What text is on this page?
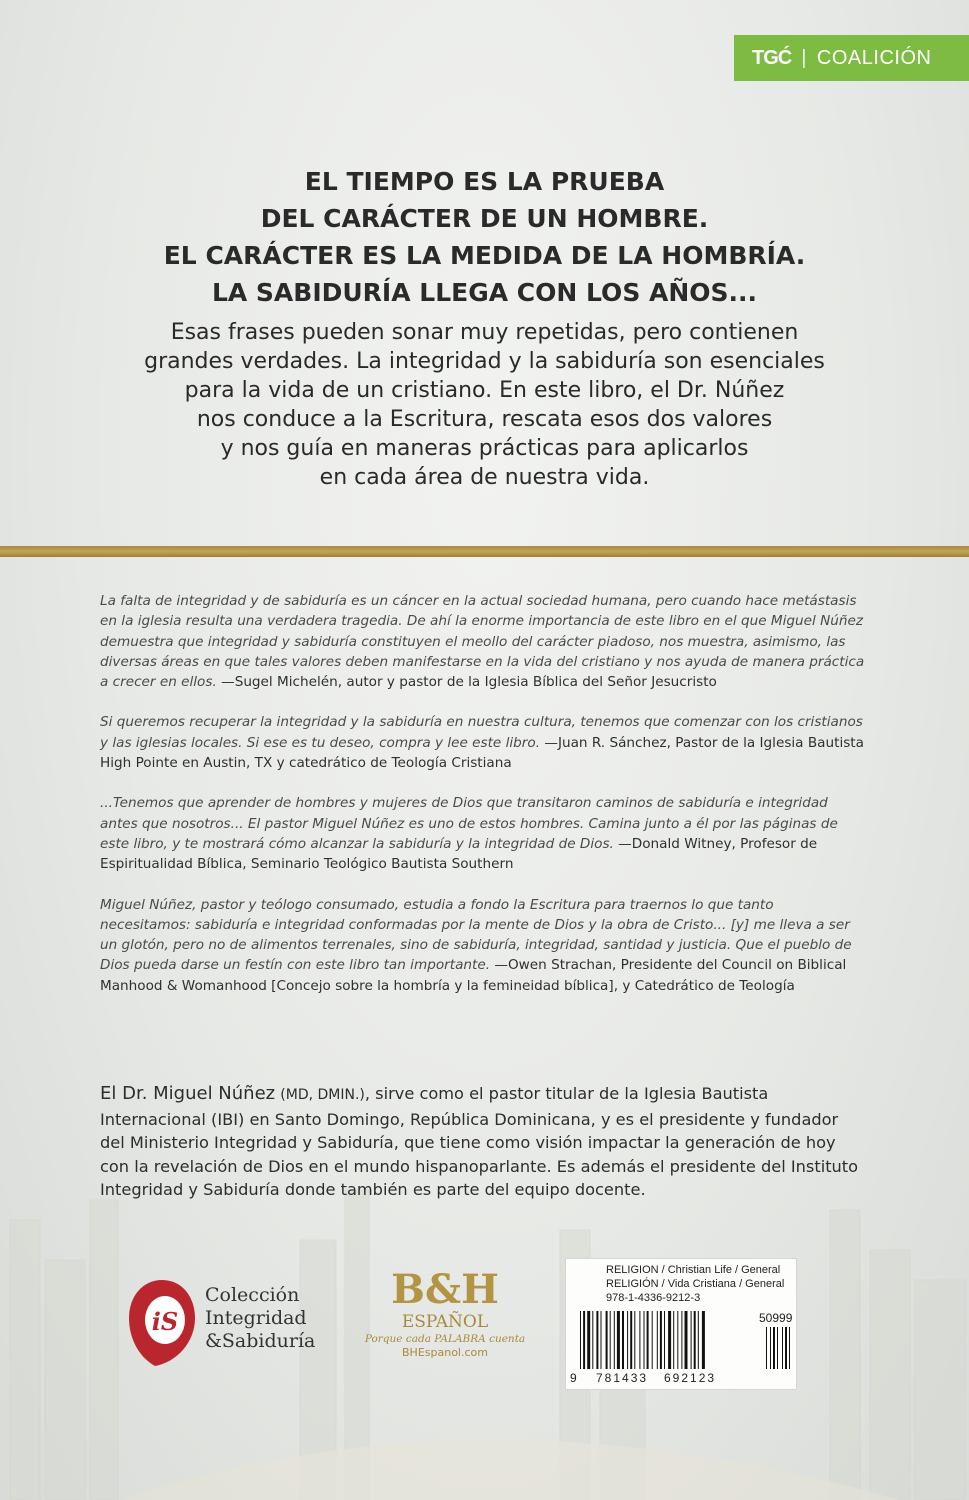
TGĆ | COALICIÓN
EL TIEMPO ES LA PRUEBA
DEL CARÁCTER DE UN HOMBRE.
EL CARÁCTER ES LA MEDIDA DE LA HOMBRÍA.
LA SABIDURÍA LLEGA CON LOS AÑOS...
Esas frases pueden sonar muy repetidas, pero contienen
grandes verdades. La integridad y la sabiduría son esenciales
para la vida de un cristiano. En este libro, el Dr. Núñez
nos conduce a la Escritura, rescata esos dos valores
y nos guía en maneras prácticas para aplicarlos
en cada área de nuestra vida.

La falta de integridad y de sabiduría es un cáncer en la actual sociedad humana, pero cuando hace metástasis en la iglesia resulta una verdadera tragedia. De ahí la enorme importancia de este libro en el que Miguel Núñez demuestra que integridad y sabiduría constituyen el meollo del carácter piadoso, nos muestra, asimismo, las diversas áreas en que tales valores deben manifestarse en la vida del cristiano y nos ayuda de manera práctica a crecer en ellos. —Sugel Michelén, autor y pastor de la Iglesia Bíblica del Señor Jesucristo

Si queremos recuperar la integridad y la sabiduría en nuestra cultura, tenemos que comenzar con los cristianos y las iglesias locales. Si ese es tu deseo, compra y lee este libro. —Juan R. Sánchez, Pastor de la Iglesia Bautista High Pointe en Austin, TX y catedrático de Teología Cristiana

...Tenemos que aprender de hombres y mujeres de Dios que transitaron caminos de sabiduría e integridad antes que nosotros... El pastor Miguel Núñez es uno de estos hombres. Camina junto a él por las páginas de este libro, y te mostrará cómo alcanzar la sabiduría y la integridad de Dios. —Donald Witney, Profesor de Espiritualidad Bíblica, Seminario Teológico Bautista Southern

Miguel Núñez, pastor y teólogo consumado, estudia a fondo la Escritura para traernos lo que tanto necesitamos: sabiduría e integridad conformadas por la mente de Dios y la obra de Cristo... [y] me lleva a ser un glotón, pero no de alimentos terrenales, sino de sabiduría, integridad, santidad y justicia. Que el pueblo de Dios pueda darse un festín con este libro tan importante. —Owen Strachan, Presidente del Council on Biblical Manhood & Womanhood [Concejo sobre la hombría y la femineidad bíblica], y Catedrático de Teología

El Dr. Miguel Núñez (MD, DMIN.), sirve como el pastor titular de la Iglesia Bautista Internacional (IBI) en Santo Domingo, República Dominicana, y es el presidente y fundador del Ministerio Integridad y Sabiduría, que tiene como visión impactar la generación de hoy con la revelación de Dios en el mundo hispanoparlante. Es además el presidente del Instituto Integridad y Sabiduría donde también es parte del equipo docente.
iS
Colección
Integridad
&Sabiduría
B&H
ESPAÑOL
Porque cada PALABRA cuenta
BHEspanol.com
RELIGION / Christian Life / General
RELIGIÓN / Vida Cristiana / General
978-1-4336-9212-3
50999
9 781433 692123
